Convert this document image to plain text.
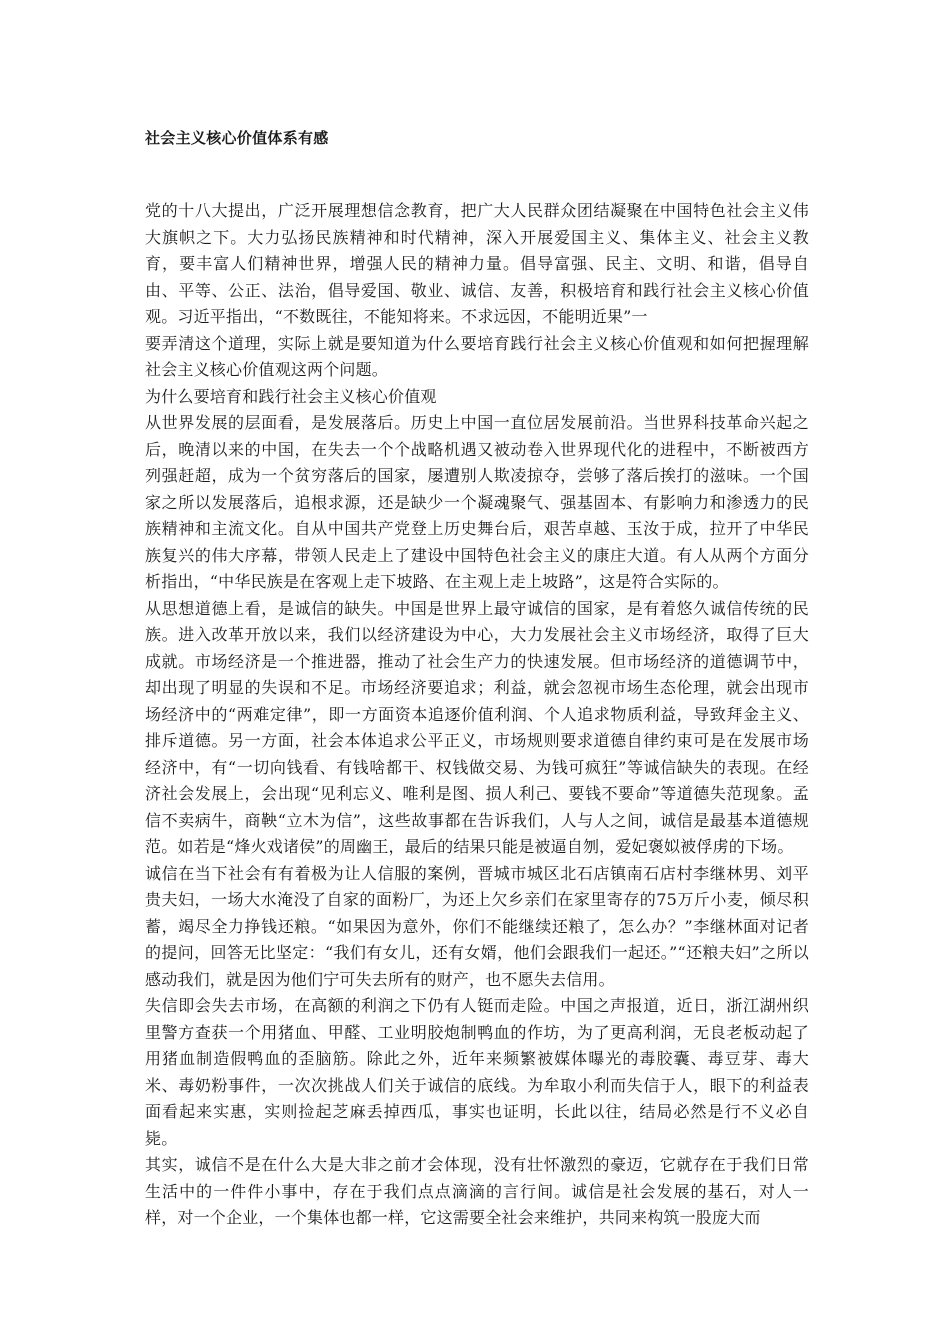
社会主义核心价值体系有感

党的十八大提出，广泛开展理想信念教育，把广大人民群众团结凝聚在中国特色社会主义伟大旗帜之下。大力弘扬民族精神和时代精神，深入开展爱国主义、集体主义、社会主义教育，要丰富人们精神世界，增强人民的精神力量。倡导富强、民主、文明、和谐，倡导自由、平等、公正、法治，倡导爱国、敬业、诚信、友善，积极培育和践行社会主义核心价值观。习近平指出，“不数既往，不能知将来。不求远因，不能明近果”一

要弄清这个道理，实际上就是要知道为什么要培育践行社会主义核心价值观和如何把握理解社会主义核心价值观这两个问题。

为什么要培育和践行社会主义核心价值观

从世界发展的层面看，是发展落后。历史上中国一直位居发展前沿。当世界科技革命兴起之后，晚清以来的中国，在失去一个个战略机遇又被动卷入世界现代化的进程中，不断被西方列强赶超，成为一个贫穷落后的国家，屡遭别人欺凌掠夺，尝够了落后挨打的滋味。一个国家之所以发展落后，追根求源，还是缺少一个凝魂聚气、强基固本、有影响力和渗透力的民族精神和主流文化。自从中国共产党登上历史舞台后，艰苦卓越、玉汝于成，拉开了中华民族复兴的伟大序幕，带领人民走上了建设中国特色社会主义的康庄大道。有人从两个方面分析指出，“中华民族是在客观上走下坡路、在主观上走上坡路”，这是符合实际的。

从思想道德上看，是诚信的缺失。中国是世界上最守诚信的国家，是有着悠久诚信传统的民族。进入改革开放以来，我们以经济建设为中心，大力发展社会主义市场经济，取得了巨大成就。市场经济是一个推进器，推动了社会生产力的快速发展。但市场经济的道德调节中，却出现了明显的失误和不足。市场经济要追求；利益，就会忽视市场生态伦理，就会出现市场经济中的“两难定律”，即一方面资本追逐价值利润、个人追求物质利益，导致拜金主义、排斥道德。另一方面，社会本体追求公平正义，市场规则要求道德自律约束可是在发展市场经济中，有“一切向钱看、有钱啥都干、权钱做交易、为钱可疯狂”等诚信缺失的表现。在经济社会发展上，会出现“见利忘义、唯利是图、损人利己、要钱不要命”等道德失范现象。孟信不卖病牛，商鞅“立木为信”，这些故事都在告诉我们，人与人之间，诚信是最基本道德规范。如若是“烽火戏诸侯”的周幽王，最后的结果只能是被逼自刎，爱妃褒姒被俘虏的下场。

诚信在当下社会有有着极为让人信服的案例，晋城市城区北石店镇南石店村李继林男、刘平贵夫妇，一场大水淹没了自家的面粉厂，为还上欠乡亲们在家里寄存的75万斤小麦，倾尽积蓄，竭尽全力挣钱还粮。“如果因为意外，你们不能继续还粮了，怎么办？”李继林面对记者的提问，回答无比坚定：“我们有女儿，还有女婿，他们会跟我们一起还。”“还粮夫妇”之所以感动我们，就是因为他们宁可失去所有的财产，也不愿失去信用。

失信即会失去市场，在高额的利润之下仍有人铤而走险。中国之声报道，近日，浙江湖州织里警方查获一个用猪血、甲醛、工业明胶炮制鸭血的作坊，为了更高利润，无良老板动起了用猪血制造假鸭血的歪脑筋。除此之外，近年来频繁被媒体曝光的毒胶囊、毒豆芽、毒大米、毒奶粉事件，一次次挑战人们关于诚信的底线。为牟取小利而失信于人，眼下的利益表面看起来实惠，实则捡起芝麻丢掉西瓜，事实也证明，长此以往，结局必然是行不义必自毙。

其实，诚信不是在什么大是大非之前才会体现，没有壮怀激烈的豪迈，它就存在于我们日常生活中的一件件小事中，存在于我们点点滴滴的言行间。诚信是社会发展的基石，对人一样，对一个企业，一个集体也都一样，它这需要全社会来维护，共同来构筑一股庞大而
